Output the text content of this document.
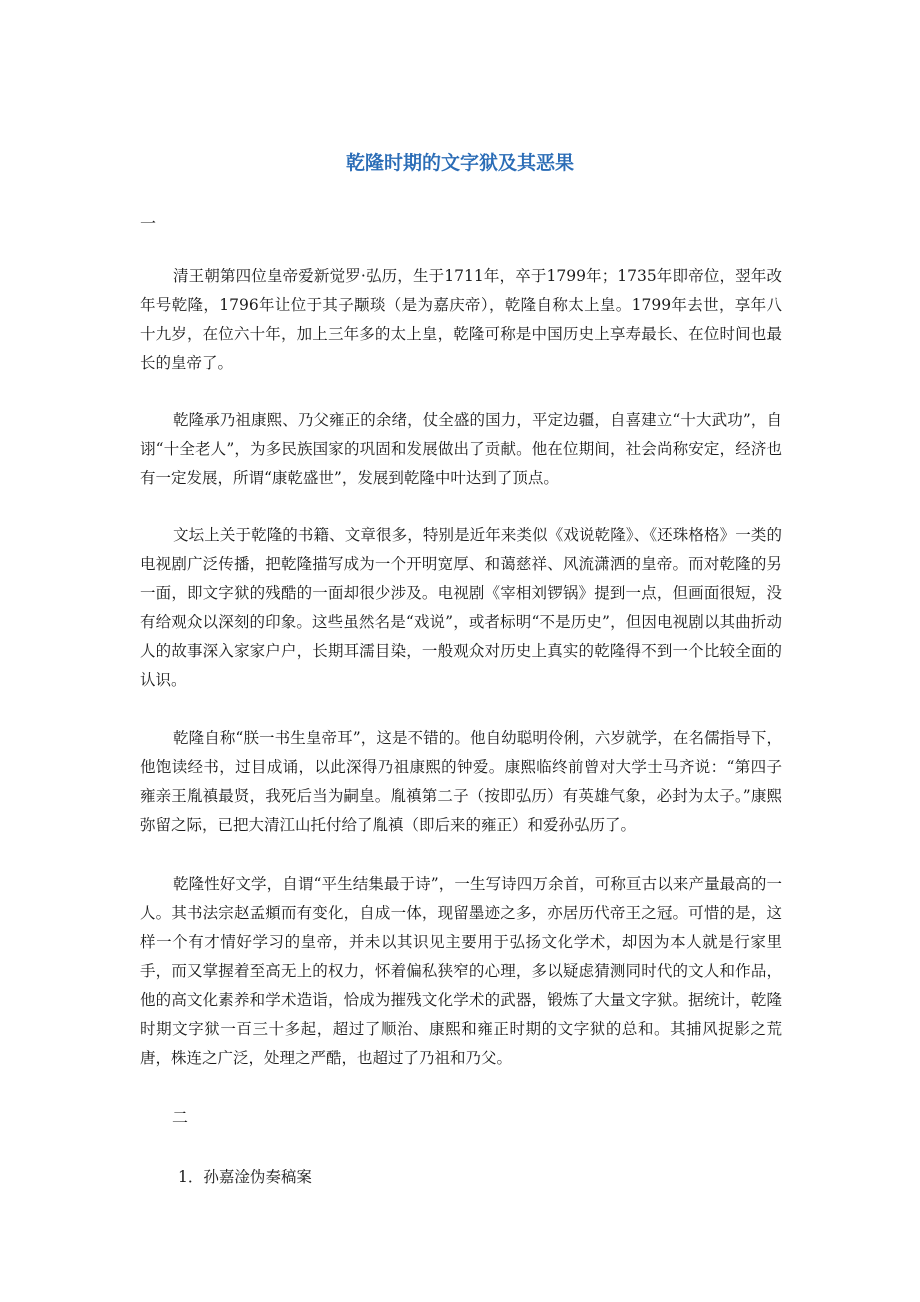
乾隆时期的文字狱及其恶果
一

清王朝第四位皇帝爱新觉罗·弘历，生于1711年，卒于1799年；1735年即帝位，翌年改年号乾隆，1796年让位于其子颙琰（是为嘉庆帝），乾隆自称太上皇。1799年去世，享年八十九岁，在位六十年，加上三年多的太上皇，乾隆可称是中国历史上享寿最长、在位时间也最长的皇帝了。

乾隆承乃祖康熙、乃父雍正的余绪，仗全盛的国力，平定边疆，自喜建立“十大武功”，自诩“十全老人”，为多民族国家的巩固和发展做出了贡献。他在位期间，社会尚称安定，经济也有一定发展，所谓“康乾盛世”，发展到乾隆中叶达到了顶点。

文坛上关于乾隆的书籍、文章很多，特别是近年来类似《戏说乾隆》、《还珠格格》一类的电视剧广泛传播，把乾隆描写成为一个开明宽厚、和蔼慈祥、风流潇洒的皇帝。而对乾隆的另一面，即文字狱的残酷的一面却很少涉及。电视剧《宰相刘锣锅》提到一点，但画面很短，没有给观众以深刻的印象。这些虽然名是“戏说”，或者标明“不是历史”，但因电视剧以其曲折动人的故事深入家家户户，长期耳濡目染，一般观众对历史上真实的乾隆得不到一个比较全面的认识。

乾隆自称“朕一书生皇帝耳”，这是不错的。他自幼聪明伶俐，六岁就学，在名儒指导下，他饱读经书，过目成诵，以此深得乃祖康熙的钟爱。康熙临终前曾对大学士马齐说：“第四子雍亲王胤禛最贤，我死后当为嗣皇。胤禛第二子（按即弘历）有英雄气象，必封为太子。”康熙弥留之际，已把大清江山托付给了胤禛（即后来的雍正）和爱孙弘历了。

乾隆性好文学，自谓“平生结集最于诗”，一生写诗四万余首，可称亘古以来产量最高的一人。其书法宗赵孟頫而有变化，自成一体，现留墨迹之多，亦居历代帝王之冠。可惜的是，这样一个有才情好学习的皇帝，并未以其识见主要用于弘扬文化学术，却因为本人就是行家里手，而又掌握着至高无上的权力，怀着偏私狭窄的心理，多以疑虑猜测同时代的文人和作品，他的高文化素养和学术造诣，恰成为摧残文化学术的武器，锻炼了大量文字狱。据统计，乾隆时期文字狱一百三十多起，超过了顺治、康熙和雍正时期的文字狱的总和。其捕风捉影之荒唐，株连之广泛，处理之严酷，也超过了乃祖和乃父。

二
1．孙嘉淦伪奏稿案
